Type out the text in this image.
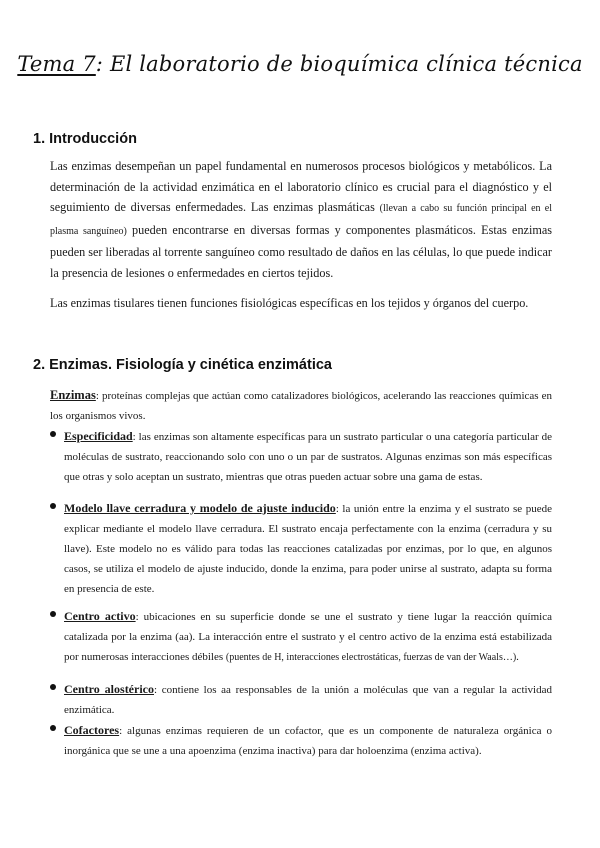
Tema 7: El laboratorio de bioquímica clínica técnica
1. Introducción
Las enzimas desempeñan un papel fundamental en numerosos procesos biológicos y metabólicos. La determinación de la actividad enzimática en el laboratorio clínico es crucial para el diagnóstico y el seguimiento de diversas enfermedades. Las enzimas plasmáticas (llevan a cabo su función principal en el plasma sanguíneo) pueden encontrarse en diversas formas y componentes plasmáticos. Estas enzimas pueden ser liberadas al torrente sanguíneo como resultado de daños en las células, lo que puede indicar la presencia de lesiones o enfermedades en ciertos tejidos.
Las enzimas tisulares tienen funciones fisiológicas específicas en los tejidos y órganos del cuerpo.
2. Enzimas. Fisiología y cinética enzimática
Enzimas: proteínas complejas que actúan como catalizadores biológicos, acelerando las reacciones químicas en los organismos vivos.
Especificidad: las enzimas son altamente específicas para un sustrato particular o una categoría particular de moléculas de sustrato, reaccionando solo con uno o un par de sustratos. Algunas enzimas son más específicas que otras y solo aceptan un sustrato, mientras que otras pueden actuar sobre una gama de estas.
Modelo llave cerradura y modelo de ajuste inducido: la unión entre la enzima y el sustrato se puede explicar mediante el modelo llave cerradura. El sustrato encaja perfectamente con la enzima (cerradura y su llave). Este modelo no es válido para todas las reacciones catalizadas por enzimas, por lo que, en algunos casos, se utiliza el modelo de ajuste inducido, donde la enzima, para poder unirse al sustrato, adapta su forma en presencia de este.
Centro activo: ubicaciones en su superficie donde se une el sustrato y tiene lugar la reacción química catalizada por la enzima (aa). La interacción entre el sustrato y el centro activo de la enzima está estabilizada por numerosas interacciones débiles (puentes de H, interacciones electrostáticas, fuerzas de van der Waals…).
Centro alostérico: contiene los aa responsables de la unión a moléculas que van a regular la actividad enzimática.
Cofactores: algunas enzimas requieren de un cofactor, que es un componente de naturaleza orgánica o inorgánica que se une a una apoenzima (enzima inactiva) para dar holoenzima (enzima activa).
